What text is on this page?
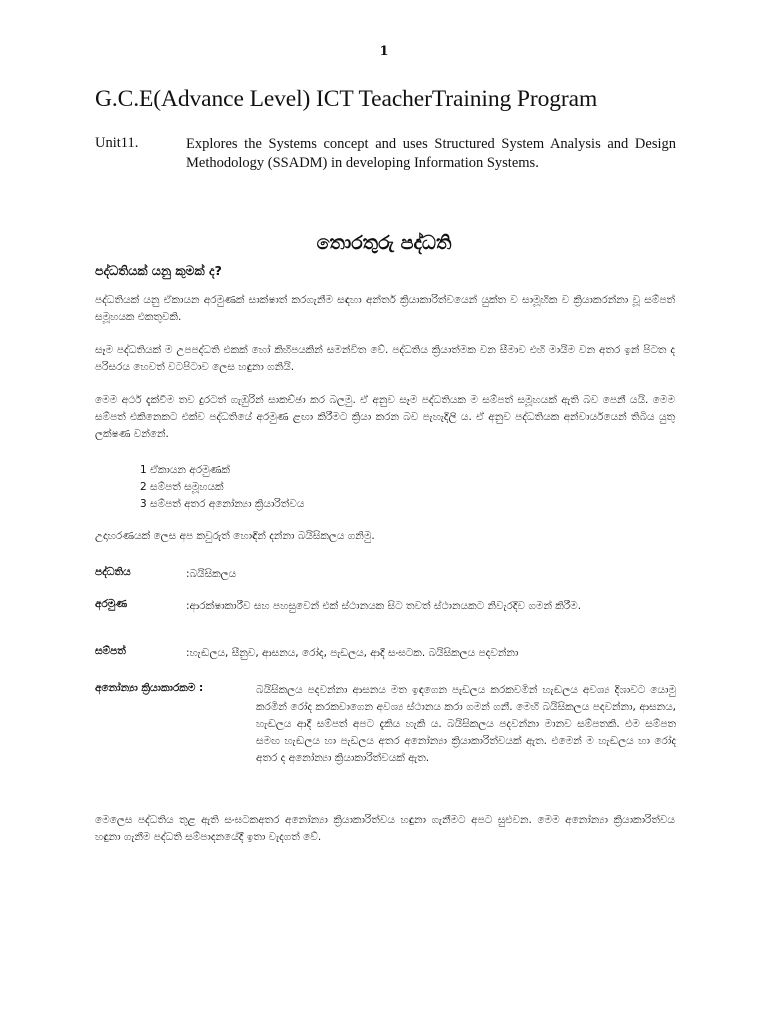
1
G.C.E(Advance Level) ICT TeacherTraining Program
Unit11.	Explores the Systems concept and uses Structured System Analysis and Design Methodology (SSADM) in developing Information Systems.
තොරතුරු පද්ධති
පද්ධතියක් යනු කුමක් ද?
පද්ධතියක් යනු ඒකායන අරමුණක් සාක්ෂාත් කරගැනීම සඳහා අන්තර් ක්‍රියාකාරිත්වයෙන් යුක්ත ව සාමූහික ව ක්‍රියාකරන්නා වූ සම්පත් සමූහයක එකතුවකි.
සෑම පද්ධතියක් ම උපපද්ධති එකක් හෝ කිහිපයකින් සමන්විත වේ. පද්ධතිය ක්‍රියාත්මක වන සීමාව එහි මායිම වන අතර ඉන් පිටත ද පරිසරය හෙවත් වටපිටාව ලෙස හඳුනා ගනියි.
මෙම අර්ථ දැක්වීම තව දුරටත් ගැඹුරින් සාකච්ඡා කර බලමු. ඒ අනුව සෑම පද්ධතියක ම සම්පත් සමූහයක් ඇති බව පෙනී යයි. මෙම සම්පත් එකිනෙකට එක්ව පද්ධතියේ අරමුණ ළඟා කිරීමට ක්‍රියා කරන බව පැහැදිලි ය. ඒ අනුව පද්ධතියක අන්වාර්යයෙන් තිබිය යුතු ලක්ෂණ වන්නේ.
1 ඒකායන අරමුණක්
2 සම්පත් සමූහයක්
3 සම්පත් අතර අනෝන්‍යා ක්‍රියාරිත්වය
උදාහරණයක් ලෙස අප කවුරුත් හොඳින් දන්නා බයිසිකලය ගනිමු.
පද්ධතිය	:බයිසිකලය
අරමුණ	:ආරක්ෂාකාරීව සහ පහසුවෙන් එක් ස්ථානයක සිට තවත් ස්ථානයකට නිවැරදිව ගමන් කිරීම.
සම්පත්	:හැඬලය, සීනුව, ආසනය, රෝද, පැඩලය, ආදී සංඝටක. බයිසිකලය පදවන්නා
අනෝන්‍යා ක්‍රියාකාරකම :	බයිසිකලය පදවන්නා ආසනය මත ඉඳගෙන පැඩලය කරකවමින් හැඬලය අවශ්‍ය දිශාවට යොමු කරමින් රෝද කරකවාගෙන අවශ්‍ය ස්ථානය කරා ගමන් ගනී. මෙහි බයිසිකලය පදවන්නා, ආසනය, හැඬලය ආදී සම්පත් අපට දැකිය හැකි ය. බයිසිකලය පදවන්නා මානව සම්පතකි. එම සම්පත සමඟ හැඬලය හා පැඩලය අතර අනෝන්‍යා ක්‍රියාකාරිත්වයක් ඇත. එමෙන් ම හැඬලය හා රෝද අතර ද අනෝන්‍යා ක්‍රියාකාරිත්වයක් ඇත.
මෙලෙස පද්ධතිය තුළ ඇති සංඝටකඅතර අනෝන්‍යා ක්‍රියාකාරිත්වය හඳුනා ගැනීමට අපට සුළුවන. මෙම අනෝන්‍යා ක්‍රියාකාරිත්වය හඳුනා ගැනීම පද්ධති සම්පාදනයේදී ඉතා වැදගත් වේ.
